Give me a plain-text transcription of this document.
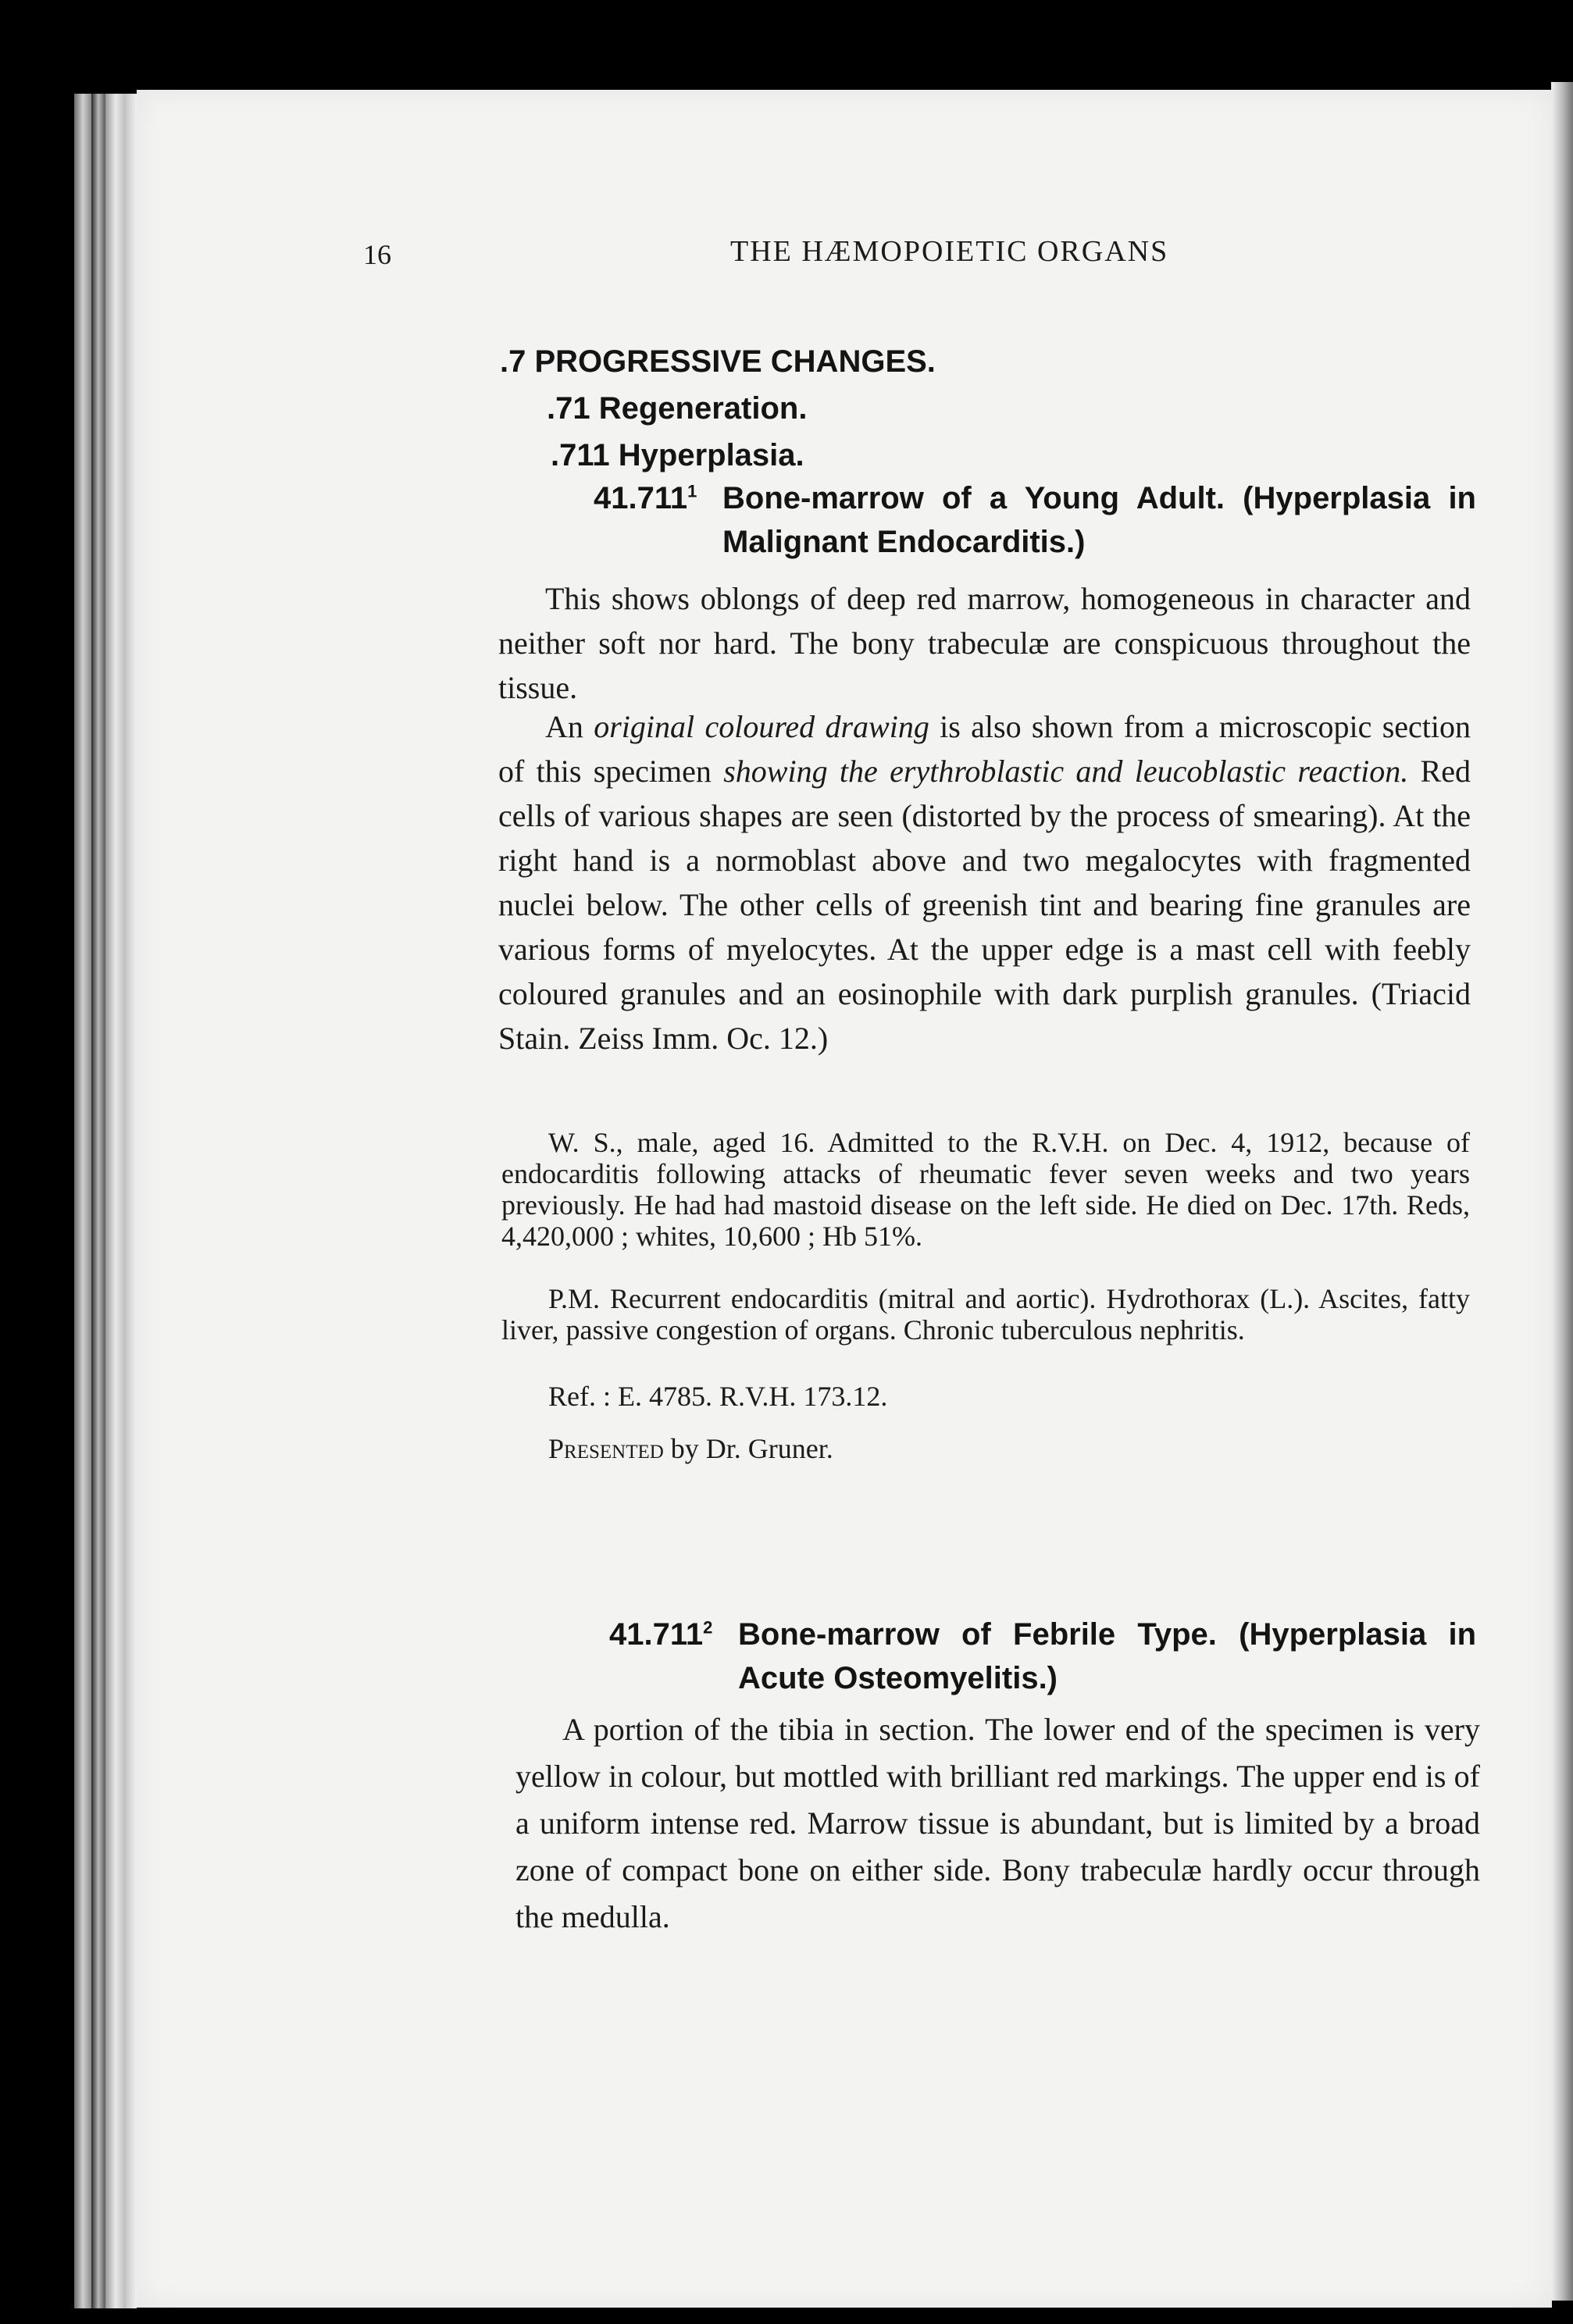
16	THE HÆMOPOIETIC ORGANS
.7 PROGRESSIVE CHANGES.
.71 Regeneration.
.711 Hyperplasia.
41.711$^1$ Bone-marrow of a Young Adult. (Hyperplasia in Malignant Endocarditis.)
This shows oblongs of deep red marrow, homogeneous in character and neither soft nor hard. The bony trabeculæ are conspicuous throughout the tissue.
An original coloured drawing is also shown from a microscopic section of this specimen showing the erythroblastic and leucoblastic reaction. Red cells of various shapes are seen (distorted by the process of smearing). At the right hand is a normoblast above and two megalocytes with fragmented nuclei below. The other cells of greenish tint and bearing fine granules are various forms of myelocytes. At the upper edge is a mast cell with feebly coloured granules and an eosinophile with dark purplish granules. (Triacid Stain. Zeiss Imm. Oc. 12.)
W. S., male, aged 16. Admitted to the R.V.H. on Dec. 4, 1912, because of endocarditis following attacks of rheumatic fever seven weeks and two years previously. He had had mastoid disease on the left side. He died on Dec. 17th. Reds, 4,420,000 ; whites, 10,600 ; Hb 51%.
P.M. Recurrent endocarditis (mitral and aortic). Hydrothorax (L.). Ascites, fatty liver, passive congestion of organs. Chronic tuberculous nephritis.
Ref. : E. 4785. R.V.H. 173.12.
Presented by Dr. Gruner.
41.711$^2$ Bone-marrow of Febrile Type. (Hyperplasia in Acute Osteomyelitis.)
A portion of the tibia in section. The lower end of the specimen is very yellow in colour, but mottled with brilliant red markings. The upper end is of a uniform intense red. Marrow tissue is abundant, but is limited by a broad zone of compact bone on either side. Bony trabeculæ hardly occur through the medulla.
